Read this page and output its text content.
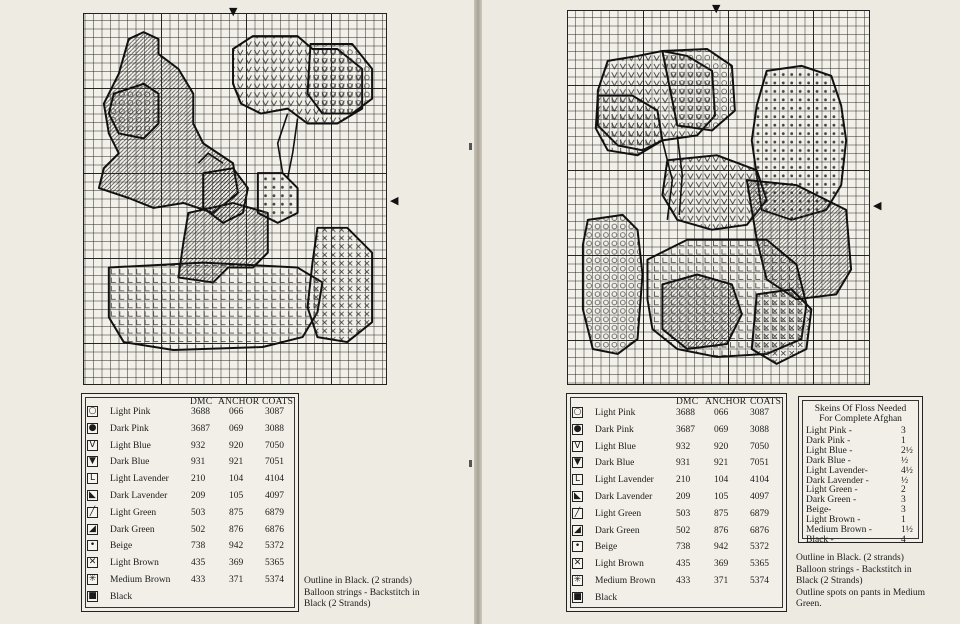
▼
◀
▼
◀
DMC ANCHOR COATS
○ Light Pink	3688 066 3087
● Dark Pink	3687 069 3088
V Light Blue	932	920 7050
▼ Dark Blue	931	921 7051
L	Light Lavender 210	104 4104
◣ Dark Lavender	209	105 4097
╱ Light Green	503	875 6879
◢ Dark Green	502	876 6876
• Beige	738	942 5372
✕ Light Brown	435	369 5365
✳ Medium Brown 433	371 5374
■ Black
DMC ANCHOR COATS
○ Light Pink	3688 066 3087
● Dark Pink	3687 069 3088
V Light Blue	932	920 7050
▼ Dark Blue	931	921 7051
L	Light Lavender 210	104 4104
◣ Dark Lavender	209	105 4097
╱ Light Green	503	875 6879
◢ Dark Green	502	876 6876
• Beige	738	942 5372
✕ Light Brown	435	369 5365
✳ Medium Brown 433	371 5374
■ Black
Outline in Black. (2 strands)
Balloon strings - Backstitch in
Black (2 Strands)
Outline in Black. (2 strands)
Balloon strings - Backstitch in
Black (2 Strands)
Outline spots on pants in Medium
Green.
Skeins Of Floss Needed
For Complete Afghan
Light Pink -	3
Dark Pink -	1
Light Blue -	2½
Dark Blue -	½
Light Lavender-	4½
Dark Lavender -	½
Light Green -	2
Dark Green -	3
Beige-	3
Light Brown -	1
Medium Brown -	1½
Black -	4
